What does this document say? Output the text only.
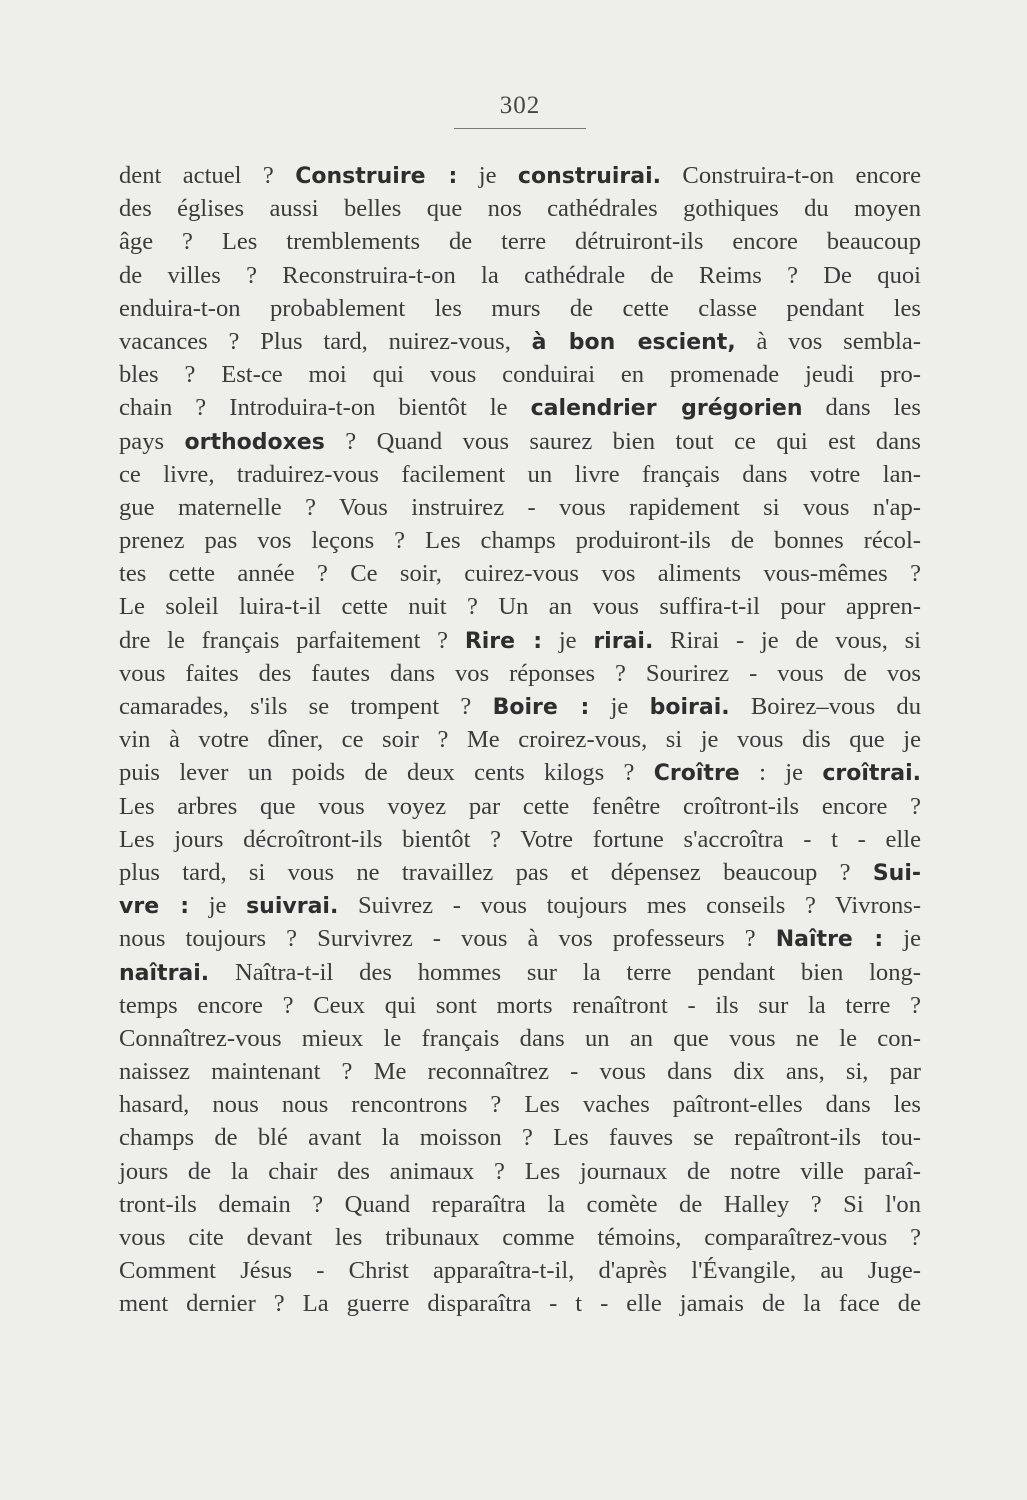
302
dent actuel ? Construire : je construirai. Construira-t-on encore
des églises aussi belles que nos cathédrales gothiques du moyen
âge ? Les tremblements de terre détruiront-ils encore beaucoup
de villes ? Reconstruira-t-on la cathédrale de Reims ? De quoi
enduira-t-on probablement les murs de cette classe pendant les
vacances ? Plus tard, nuirez-vous, à bon escient, à vos sembla-
bles ? Est-ce moi qui vous conduirai en promenade jeudi pro-
chain ? Introduira-t-on bientôt le calendrier grégorien dans les
pays orthodoxes ? Quand vous saurez bien tout ce qui est dans
ce livre, traduirez-vous facilement un livre français dans votre lan-
gue maternelle ? Vous instruirez - vous rapidement si vous n'ap-
prenez pas vos leçons ? Les champs produiront-ils de bonnes récol-
tes cette année ? Ce soir, cuirez-vous vos aliments vous-mêmes ?
Le soleil luira-t-il cette nuit ? Un an vous suffira-t-il pour appren-
dre le français parfaitement ? Rire : je rirai. Rirai - je de vous, si
vous faites des fautes dans vos réponses ? Sourirez - vous de vos
camarades, s'ils se trompent ? Boire : je boirai. Boirez–vous du
vin à votre dîner, ce soir ? Me croirez-vous, si je vous dis que je
puis lever un poids de deux cents kilogs ? Croître : je croîtrai.
Les arbres que vous voyez par cette fenêtre croîtront-ils encore ?
Les jours décroîtront-ils bientôt ? Votre fortune s'accroîtra - t - elle
plus tard, si vous ne travaillez pas et dépensez beaucoup ? Sui-
vre : je suivrai. Suivrez - vous toujours mes conseils ? Vivrons-
nous toujours ? Survivrez - vous à vos professeurs ? Naître : je
naîtrai. Naîtra-t-il des hommes sur la terre pendant bien long-
temps encore ? Ceux qui sont morts renaîtront - ils sur la terre ?
Connaîtrez-vous mieux le français dans un an que vous ne le con-
naissez maintenant ? Me reconnaîtrez - vous dans dix ans, si, par
hasard, nous nous rencontrons ? Les vaches paîtront-elles dans les
champs de blé avant la moisson ? Les fauves se repaîtront-ils tou-
jours de la chair des animaux ? Les journaux de notre ville paraî-
tront-ils demain ? Quand reparaîtra la comète de Halley ? Si l'on
vous cite devant les tribunaux comme témoins, comparaîtrez-vous ?
Comment Jésus - Christ apparaîtra-t-il, d'après l'Évangile, au Juge-
ment dernier ? La guerre disparaîtra - t - elle jamais de la face de
